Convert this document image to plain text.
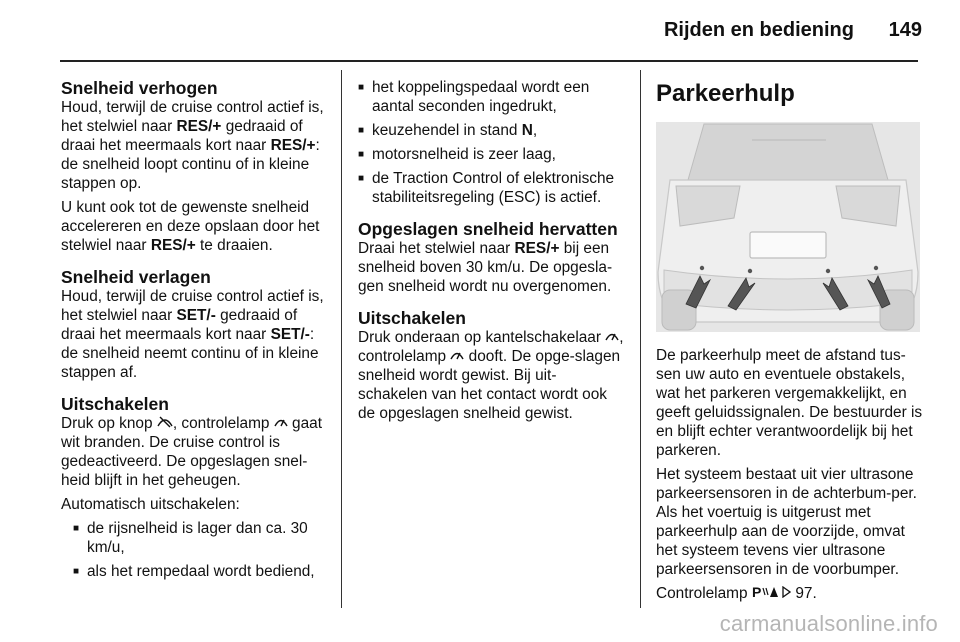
Rijden en bediening 149
Snelheid verhogen

Houd, terwijl de cruise control actief is, het stelwiel naar RES/+ gedraaid of draai het meermaals kort naar RES/+: de snelheid loopt continu of in kleine stappen op.

U kunt ook tot de gewenste snelheid accelereren en deze opslaan door het stelwiel naar RES/+ te draaien.

Snelheid verlagen

Houd, terwijl de cruise control actief is, het stelwiel naar SET/- gedraaid of draai het meermaals kort naar SET/-: de snelheid neemt continu of in kleine stappen af.

Uitschakelen

Druk op knop , controlelamp  gaat wit branden. De cruise control is gedeactiveerd. De opgeslagen snel-heid blijft in het geheugen.

Automatisch uitschakelen:

■ de rijsnelheid is lager dan ca. 30 km/u,
■ als het rempedaal wordt bediend,
■ het koppelingspedaal wordt een aantal seconden ingedrukt,
■ keuzehendel in stand N,
■ motorsnelheid is zeer laag,
■ de Traction Control of elektronische stabiliteitsregeling (ESC) is actief.
Opgeslagen snelheid hervatten

Draai het stelwiel naar RES/+ bij een snelheid boven 30 km/u. De opgesla-gen snelheid wordt nu overgenomen.

Uitschakelen

Druk onderaan op kantelschakelaar , controlelamp  dooft. De opge-slagen snelheid wordt gewist. Bij uit-schakelen van het contact wordt ook de opgeslagen snelheid gewist.

Parkeerhulp

De parkeerhulp meet de afstand tus-sen uw auto en eventuele obstakels, wat het parkeren vergemakkelijkt, en geeft geluidssignalen. De bestuurder is en blijft echter verantwoordelijk bij het parkeren.

Het systeem bestaat uit vier ultrasone parkeersensoren in de achterbum-per. Als het voertuig is uitgerust met parkeerhulp aan de voorzijde, omvat het systeem tevens vier ultrasone parkeersensoren in de voorbumper.

Controlelamp P 97.

carmanualsonline.info
